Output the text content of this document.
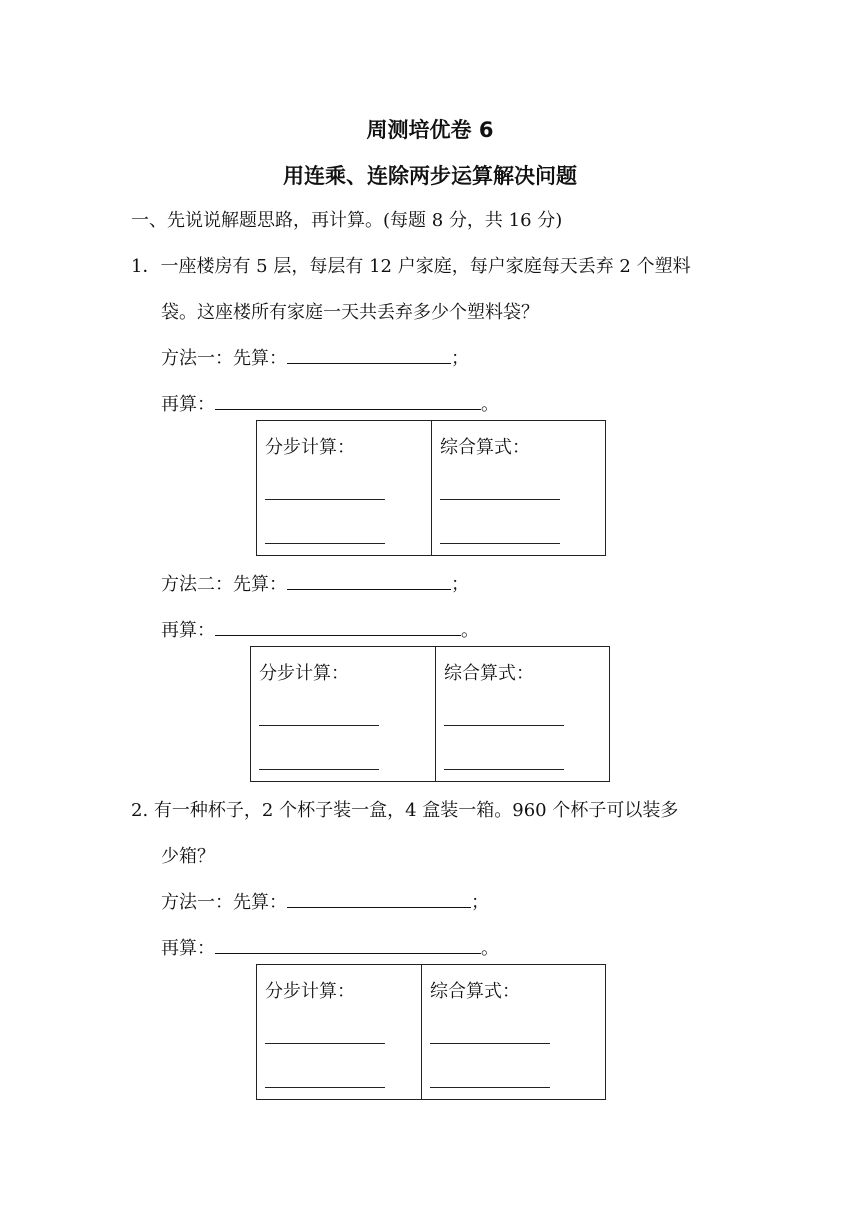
周测培优卷 6
用连乘、连除两步运算解决问题
一、先说说解题思路，再计算。(每题 8 分，共 16 分)
1．一座楼房有 5 层，每层有 12 户家庭，每户家庭每天丢弃 2 个塑料
袋。这座楼所有家庭一天共丢弃多少个塑料袋？
方法一：先算：	；
再算：	。
分步计算：	综合算式：
方法二：先算：	；
再算：	。
分步计算：	综合算式：
2. 有一种杯子，2 个杯子装一盒，4 盒装一箱。960 个杯子可以装多
少箱？
方法一：先算：	；
再算：	。
分步计算：	综合算式：
